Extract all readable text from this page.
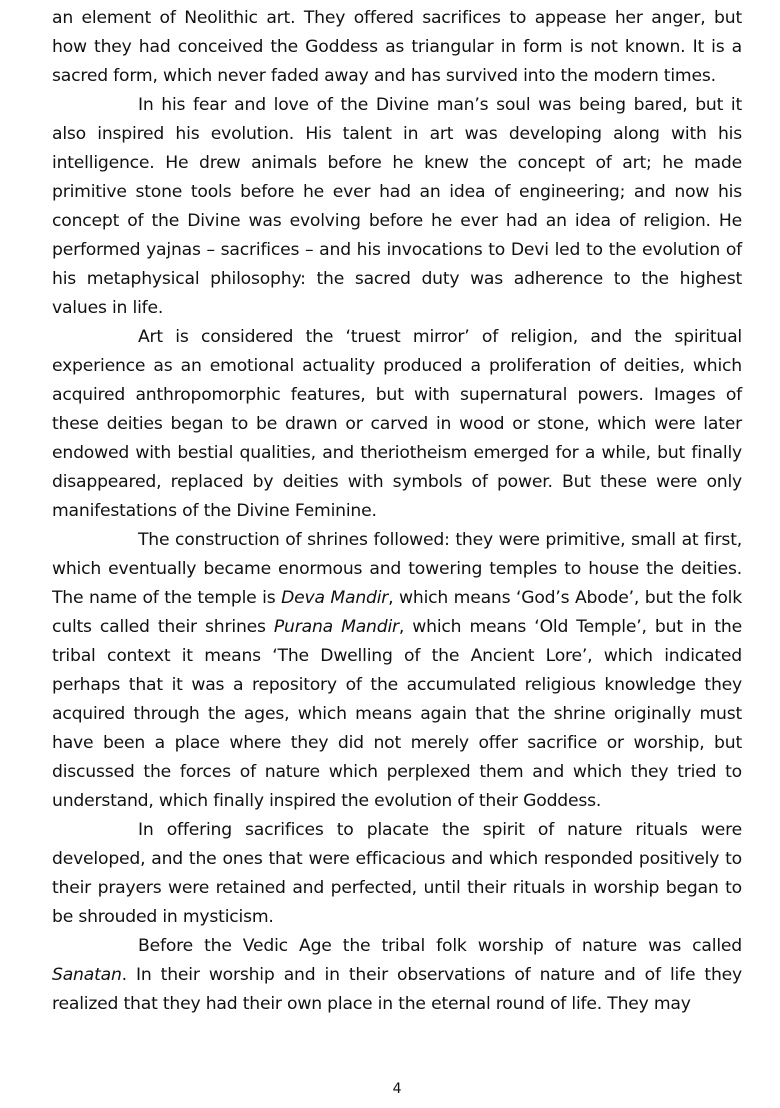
an element of Neolithic art. They offered sacrifices to appease her anger, but how they had conceived the Goddess as triangular in form is not known. It is a sacred form, which never faded away and has survived into the modern times.

In his fear and love of the Divine man’s soul was being bared, but it also inspired his evolution. His talent in art was developing along with his intelligence. He drew animals before he knew the concept of art; he made primitive stone tools before he ever had an idea of engineering; and now his concept of the Divine was evolving before he ever had an idea of religion. He performed yajnas – sacrifices – and his invocations to Devi led to the evolution of his metaphysical philosophy: the sacred duty was adherence to the highest values in life.

Art is considered the ‘truest mirror’ of religion, and the spiritual experience as an emotional actuality produced a proliferation of deities, which acquired anthropomorphic features, but with supernatural powers. Images of these deities began to be drawn or carved in wood or stone, which were later endowed with bestial qualities, and theriotheism emerged for a while, but finally disappeared, replaced by deities with symbols of power. But these were only manifestations of the Divine Feminine.

The construction of shrines followed: they were primitive, small at first, which eventually became enormous and towering temples to house the deities. The name of the temple is Deva Mandir, which means ‘God’s Abode’, but the folk cults called their shrines Purana Mandir, which means ‘Old Temple’, but in the tribal context it means ‘The Dwelling of the Ancient Lore’, which indicated perhaps that it was a repository of the accumulated religious knowledge they acquired through the ages, which means again that the shrine originally must have been a place where they did not merely offer sacrifice or worship, but discussed the forces of nature which perplexed them and which they tried to understand, which finally inspired the evolution of their Goddess.

In offering sacrifices to placate the spirit of nature rituals were developed, and the ones that were efficacious and which responded positively to their prayers were retained and perfected, until their rituals in worship began to be shrouded in mysticism.

Before the Vedic Age the tribal folk worship of nature was called Sanatan. In their worship and in their observations of nature and of life they realized that they had their own place in the eternal round of life. They may

4
